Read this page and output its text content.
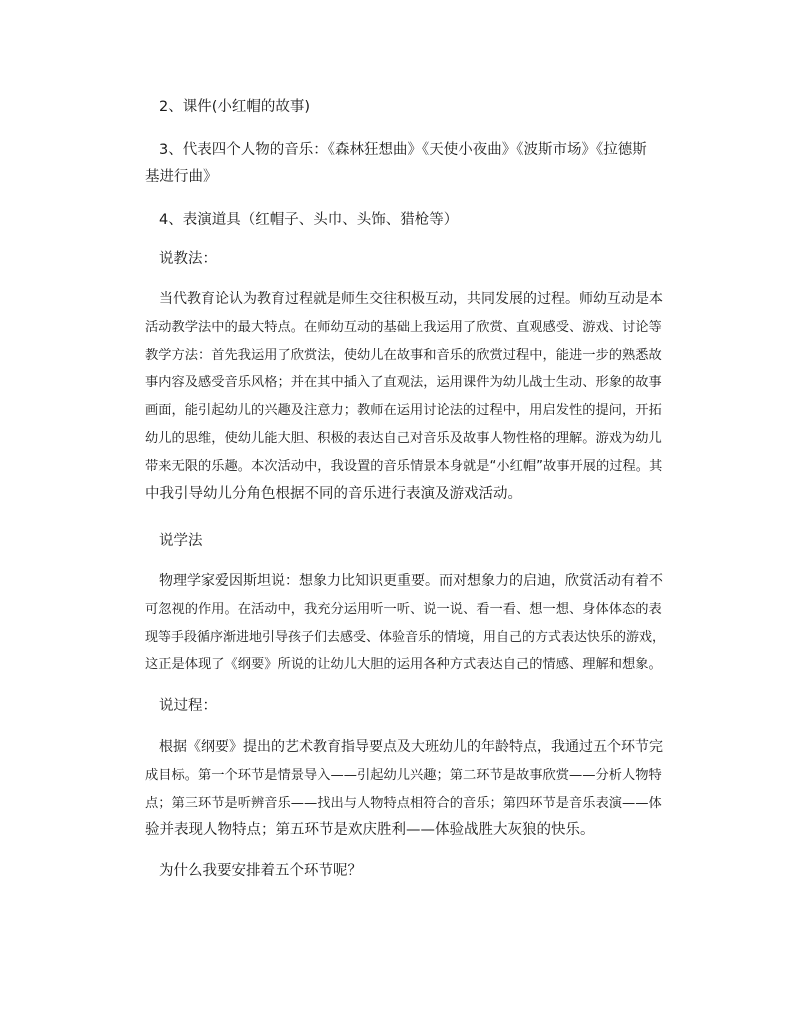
2、课件(小红帽的故事)
3、代表四个人物的音乐：《森林狂想曲》《天使小夜曲》《波斯市场》《拉德斯
基进行曲》
4、表演道具（红帽子、头巾、头饰、猎枪等）
说教法：
当代教育论认为教育过程就是师生交往积极互动，共同发展的过程。师幼互动是本
活动教学法中的最大特点。在师幼互动的基础上我运用了欣赏、直观感受、游戏、讨论等
教学方法：首先我运用了欣赏法，使幼儿在故事和音乐的欣赏过程中，能进一步的熟悉故
事内容及感受音乐风格；并在其中插入了直观法，运用课件为幼儿战士生动、形象的故事
画面，能引起幼儿的兴趣及注意力；教师在运用讨论法的过程中，用启发性的提问，开拓
幼儿的思维，使幼儿能大胆、积极的表达自己对音乐及故事人物性格的理解。游戏为幼儿
带来无限的乐趣。本次活动中，我设置的音乐情景本身就是“小红帽”故事开展的过程。其
中我引导幼儿分角色根据不同的音乐进行表演及游戏活动。
说学法
物理学家爱因斯坦说：想象力比知识更重要。而对想象力的启迪，欣赏活动有着不
可忽视的作用。在活动中，我充分运用听一听、说一说、看一看、想一想、身体体态的表
现等手段循序渐进地引导孩子们去感受、体验音乐的情境，用自己的方式表达快乐的游戏，
这正是体现了《纲要》所说的让幼儿大胆的运用各种方式表达自己的情感、理解和想象。
说过程：
根据《纲要》提出的艺术教育指导要点及大班幼儿的年龄特点，我通过五个环节完
成目标。第一个环节是情景导入——引起幼儿兴趣；第二环节是故事欣赏——分析人物特
点；第三环节是听辨音乐——找出与人物特点相符合的音乐；第四环节是音乐表演——体
验并表现人物特点；第五环节是欢庆胜利——体验战胜大灰狼的快乐。
为什么我要安排着五个环节呢？
